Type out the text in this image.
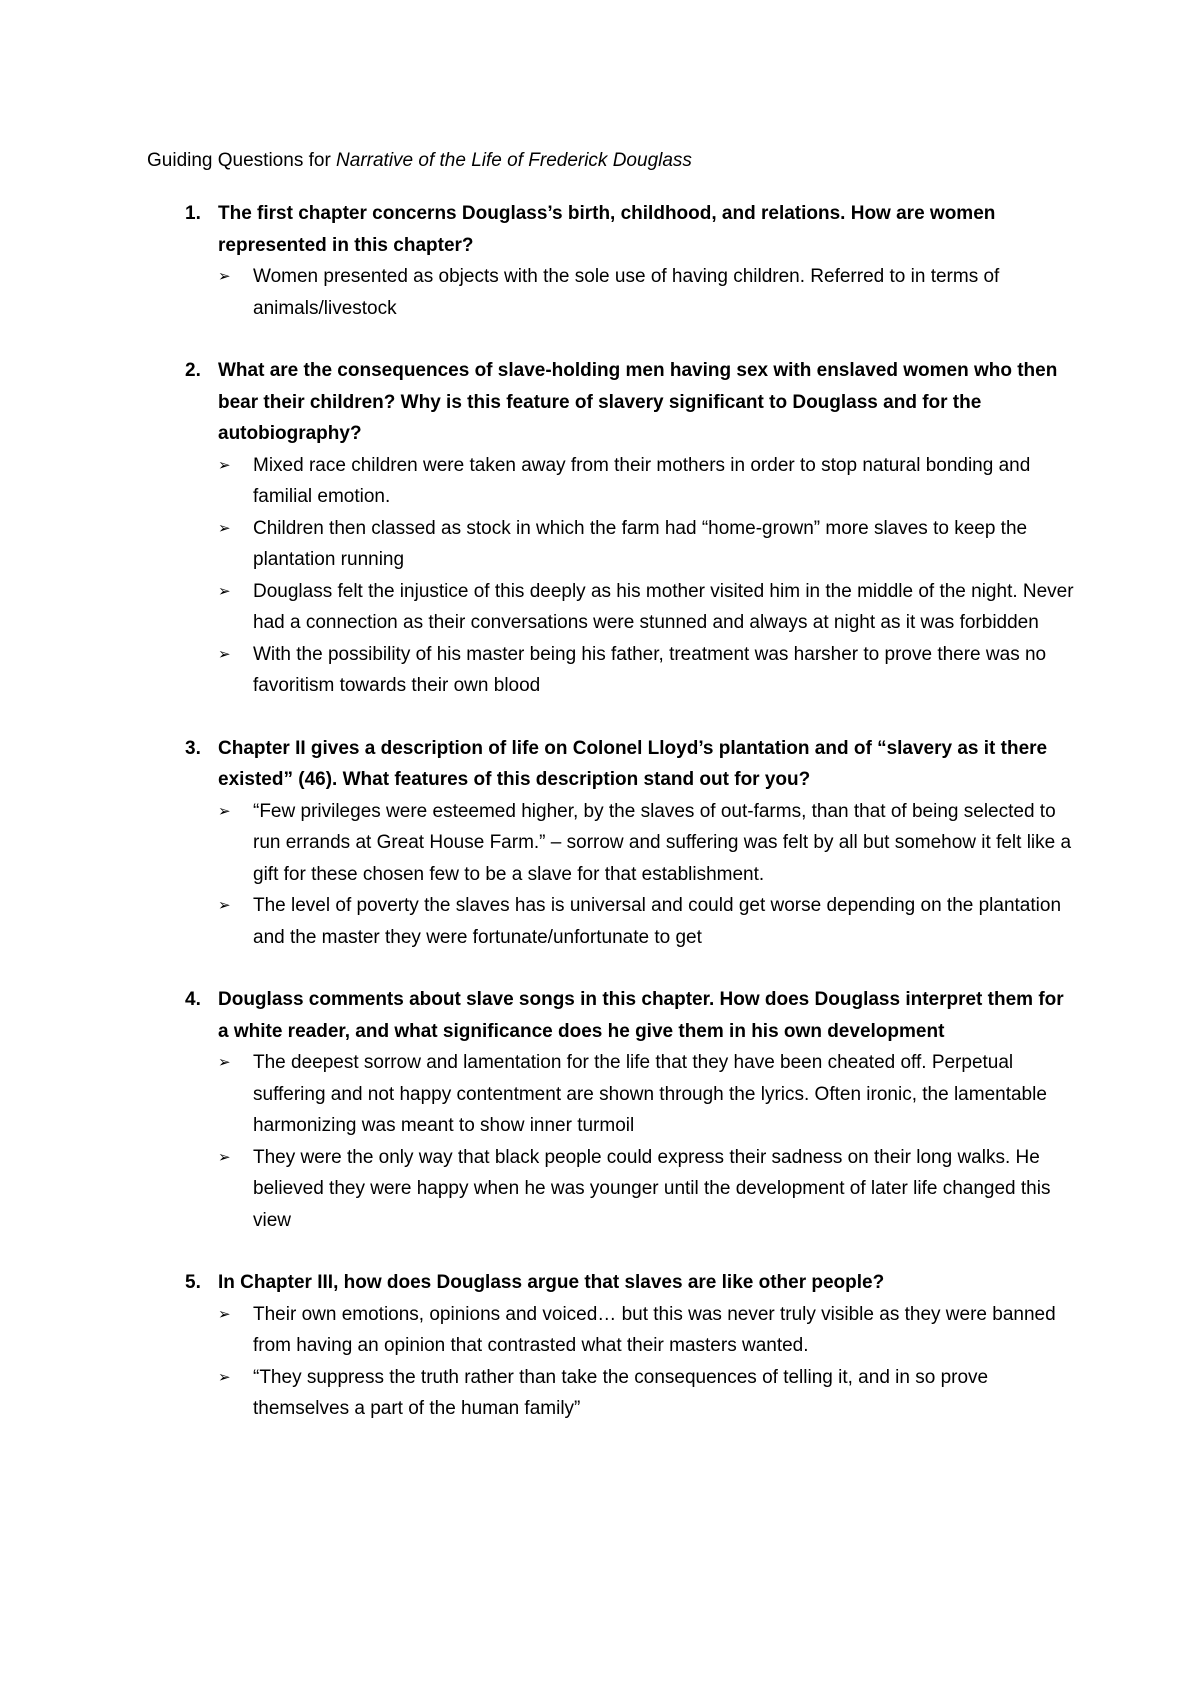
Guiding Questions for Narrative of the Life of Frederick Douglass
1. The first chapter concerns Douglass’s birth, childhood, and relations. How are women represented in this chapter?
➢ Women presented as objects with the sole use of having children. Referred to in terms of animals/livestock
2. What are the consequences of slave-holding men having sex with enslaved women who then bear their children? Why is this feature of slavery significant to Douglass and for the autobiography?
➢ Mixed race children were taken away from their mothers in order to stop natural bonding and familial emotion.
➢ Children then classed as stock in which the farm had “home-grown” more slaves to keep the plantation running
➢ Douglass felt the injustice of this deeply as his mother visited him in the middle of the night. Never had a connection as their conversations were stunned and always at night as it was forbidden
➢ With the possibility of his master being his father, treatment was harsher to prove there was no favoritism towards their own blood
3. Chapter II gives a description of life on Colonel Lloyd’s plantation and of “slavery as it there existed” (46). What features of this description stand out for you?
➢ “Few privileges were esteemed higher, by the slaves of out-farms, than that of being selected to run errands at Great House Farm.” – sorrow and suffering was felt by all but somehow it felt like a gift for these chosen few to be a slave for that establishment.
➢ The level of poverty the slaves has is universal and could get worse depending on the plantation and the master they were fortunate/unfortunate to get
4. Douglass comments about slave songs in this chapter. How does Douglass interpret them for a white reader, and what significance does he give them in his own development
➢ The deepest sorrow and lamentation for the life that they have been cheated off. Perpetual suffering and not happy contentment are shown through the lyrics. Often ironic, the lamentable harmonizing was meant to show inner turmoil
➢ They were the only way that black people could express their sadness on their long walks. He believed they were happy when he was younger until the development of later life changed this view
5. In Chapter III, how does Douglass argue that slaves are like other people?
➢ Their own emotions, opinions and voiced… but this was never truly visible as they were banned from having an opinion that contrasted what their masters wanted.
➢ “They suppress the truth rather than take the consequences of telling it, and in so prove themselves a part of the human family”
